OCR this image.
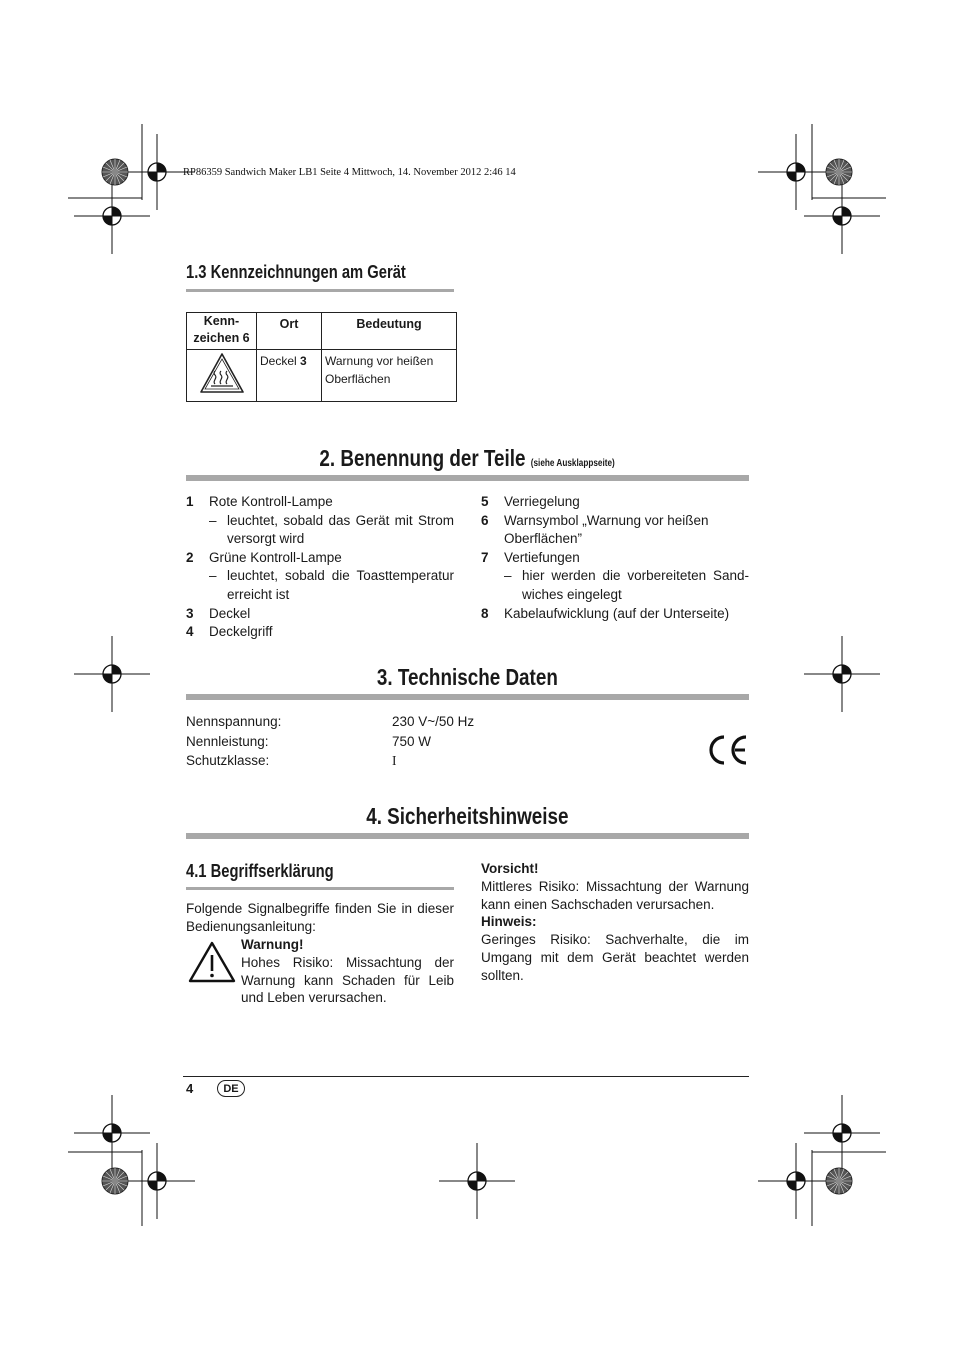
RP86359 Sandwich Maker LB1 Seite 4 Mittwoch, 14. November 2012 2:46 14
1.3 Kennzeichnungen am Gerät
Kenn-
zeichen 6	Ort	Bedeutung
	Deckel 3	Warnung vor heißen Oberflächen
2. Benennung der Teile (siehe Ausklappseite)
1	Rote Kontroll-Lampe
– leuchtet, sobald das Gerät mit Strom versorgt wird
2	Grüne Kontroll-Lampe
– leuchtet, sobald die Toasttemperatur erreicht ist
3	Deckel
4	Deckelgriff
5	Verriegelung
6	Warnsymbol „Warnung vor heißen Oberflächen”
7	Vertiefungen
– hier werden die vorbereiteten Sand-wiches eingelegt
8	Kabelaufwicklung (auf der Unterseite)
3. Technische Daten
Nennspannung:	230 V~/50 Hz
Nennleistung:	750 W
Schutzklasse:	I
4. Sicherheitshinweise
4.1 Begriffserklärung
Folgende Signalbegriffe finden Sie in dieser Bedienungsanleitung:
Warnung!
Hohes Risiko: Missachtung der Warnung kann Schaden für Leib und Leben verursachen.
Vorsicht!
Mittleres Risiko: Missachtung der Warnung kann einen Sachschaden verursachen.
Hinweis:
Geringes Risiko: Sachverhalte, die im Umgang mit dem Gerät beachtet werden sollten.
4	DE
